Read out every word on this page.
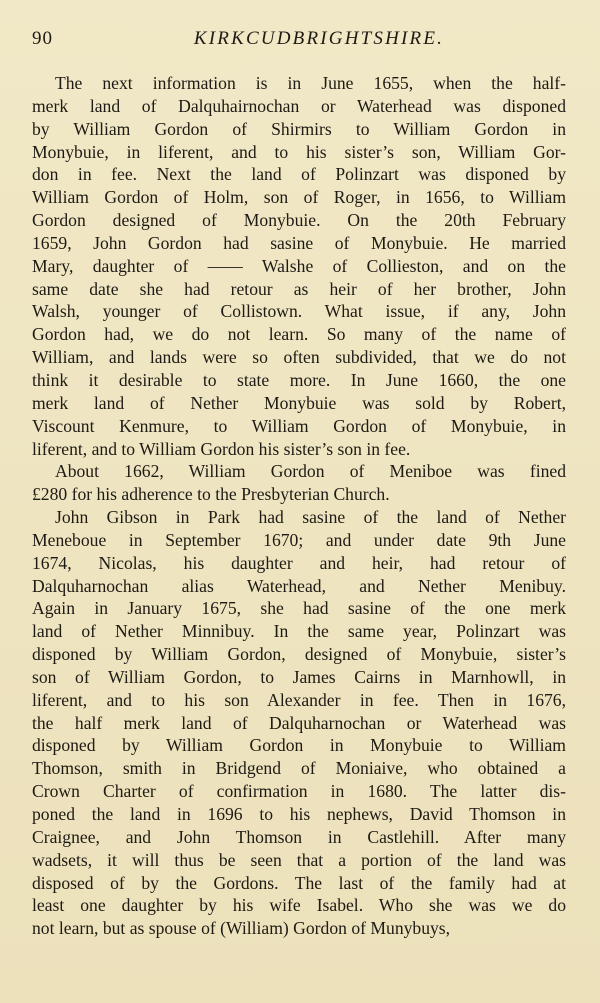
90	KIRKCUDBRIGHTSHIRE.
The next information is in June 1655, when the half-
merk land of Dalquhairnochan or Waterhead was disponed
by William Gordon of Shirmirs to William Gordon in
Monybuie, in liferent, and to his sister’s son, William Gor-
don in fee. Next the land of Polinzart was disponed by
William Gordon of Holm, son of Roger, in 1656, to William
Gordon designed of Monybuie. On the 20th February
1659, John Gordon had sasine of Monybuie. He married
Mary, daughter of —— Walshe of Collieston, and on the
same date she had retour as heir of her brother, John
Walsh, younger of Collistown. What issue, if any, John
Gordon had, we do not learn. So many of the name of
William, and lands were so often subdivided, that we do not
think it desirable to state more. In June 1660, the one
merk land of Nether Monybuie was sold by Robert,
Viscount Kenmure, to William Gordon of Monybuie, in
liferent, and to William Gordon his sister’s son in fee.
About 1662, William Gordon of Meniboe was fined
£280 for his adherence to the Presbyterian Church.
John Gibson in Park had sasine of the land of Nether
Meneboue in September 1670; and under date 9th June
1674, Nicolas, his daughter and heir, had retour of
Dalquharnochan alias Waterhead, and Nether Menibuy.
Again in January 1675, she had sasine of the one merk
land of Nether Minnibuy. In the same year, Polinzart was
disponed by William Gordon, designed of Monybuie, sister’s
son of William Gordon, to James Cairns in Marnhowll, in
liferent, and to his son Alexander in fee. Then in 1676,
the half merk land of Dalquharnochan or Waterhead was
disponed by William Gordon in Monybuie to William
Thomson, smith in Bridgend of Moniaive, who obtained a
Crown Charter of confirmation in 1680. The latter dis-
poned the land in 1696 to his nephews, David Thomson in
Craignee, and John Thomson in Castlehill. After many
wadsets, it will thus be seen that a portion of the land was
disposed of by the Gordons. The last of the family had at
least one daughter by his wife Isabel. Who she was we do
not learn, but as spouse of (William) Gordon of Munybuys,
